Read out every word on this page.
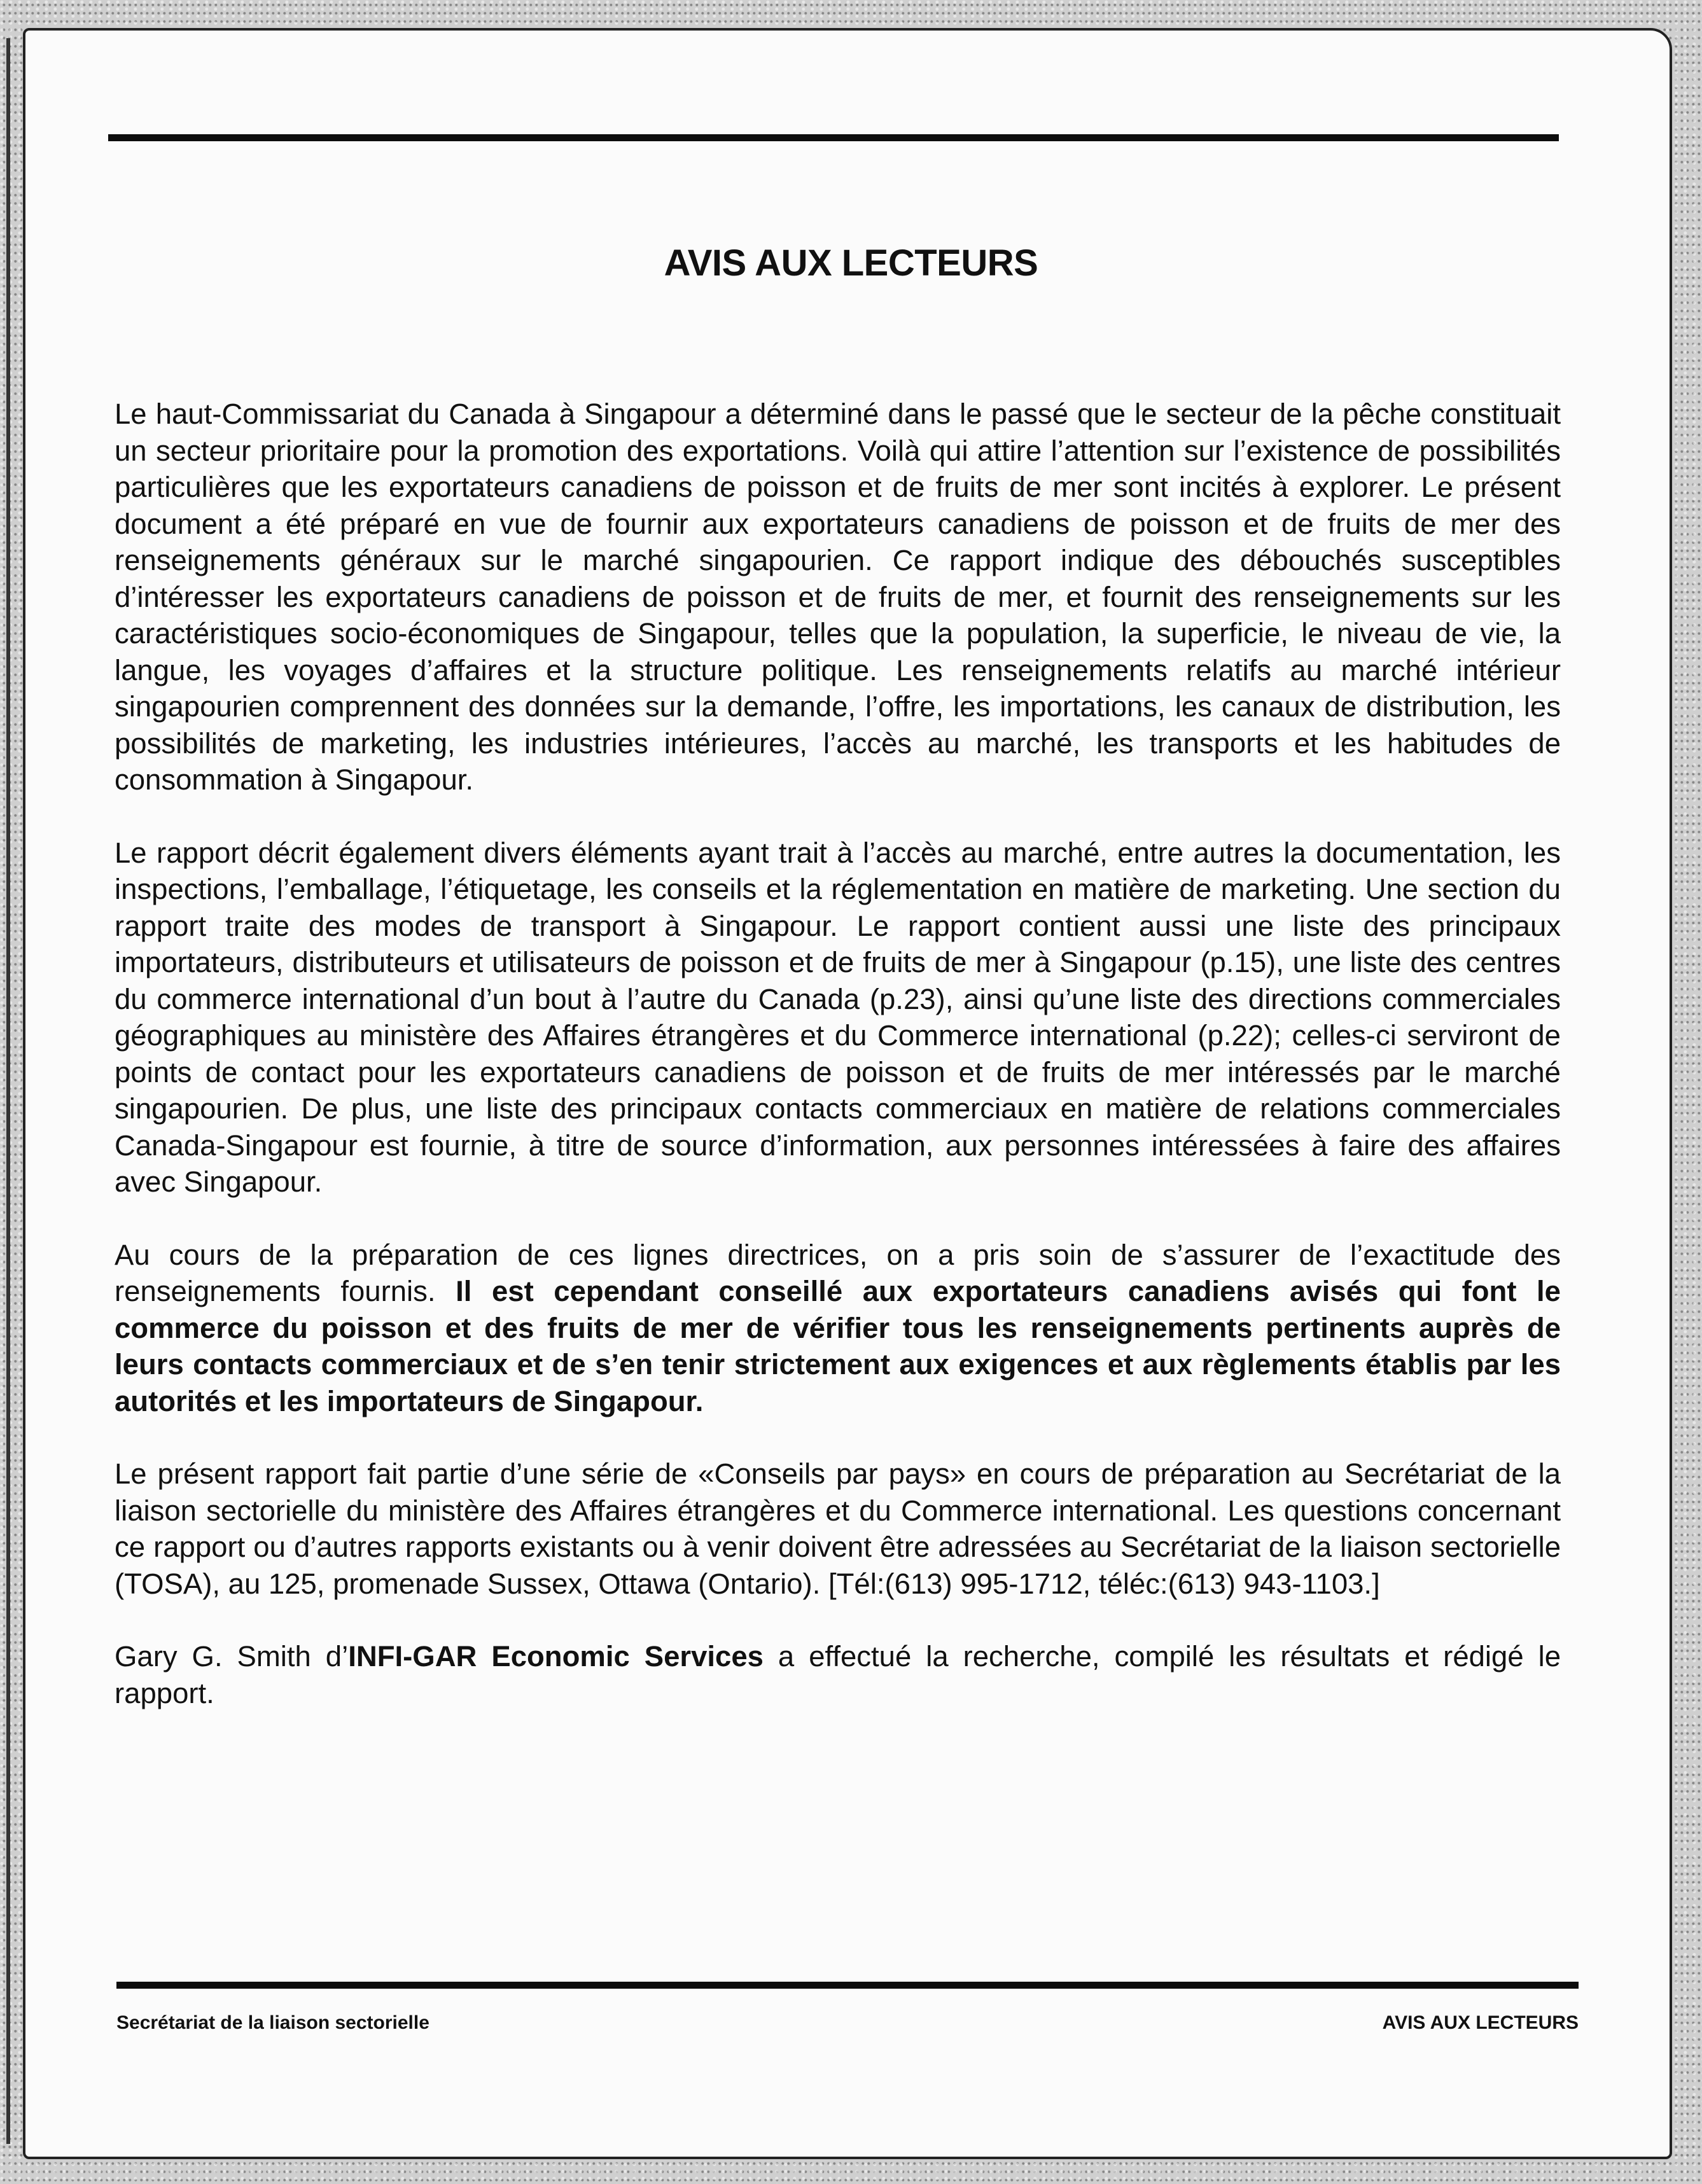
AVIS AUX LECTEURS

Le haut-Commissariat du Canada à Singapour a déterminé dans le passé que le secteur de la pêche constituait un secteur prioritaire pour la promotion des exportations. Voilà qui attire l’attention sur l’existence de possibilités particulières que les exportateurs canadiens de poisson et de fruits de mer sont incités à explorer. Le présent document a été préparé en vue de fournir aux exportateurs canadiens de poisson et de fruits de mer des renseignements généraux sur le marché singapourien. Ce rapport indique des débouchés susceptibles d’intéresser les exportateurs canadiens de poisson et de fruits de mer, et fournit des renseignements sur les caractéristiques socio-économiques de Singapour, telles que la population, la superficie, le niveau de vie, la langue, les voyages d’affaires et la structure politique. Les renseignements relatifs au marché intérieur singapourien comprennent des données sur la demande, l’offre, les importations, les canaux de distribution, les possibilités de marketing, les industries intérieures, l’accès au marché, les transports et les habitudes de consommation à Singapour.

Le rapport décrit également divers éléments ayant trait à l’accès au marché, entre autres la documentation, les inspections, l’emballage, l’étiquetage, les conseils et la réglementation en matière de marketing. Une section du rapport traite des modes de transport à Singapour. Le rapport contient aussi une liste des principaux importateurs, distributeurs et utilisateurs de poisson et de fruits de mer à Singapour (p.15), une liste des centres du commerce international d’un bout à l’autre du Canada (p.23), ainsi qu’une liste des directions commerciales géographiques au ministère des Affaires étrangères et du Commerce international (p.22); celles-ci serviront de points de contact pour les exportateurs canadiens de poisson et de fruits de mer intéressés par le marché singapourien. De plus, une liste des principaux contacts commerciaux en matière de relations commerciales Canada-Singapour est fournie, à titre de source d’information, aux personnes intéressées à faire des affaires avec Singapour.

Au cours de la préparation de ces lignes directrices, on a pris soin de s’assurer de l’exactitude des renseignements fournis. Il est cependant conseillé aux exportateurs canadiens avisés qui font le commerce du poisson et des fruits de mer de vérifier tous les renseignements pertinents auprès de leurs contacts commerciaux et de s’en tenir strictement aux exigences et aux règlements établis par les autorités et les importateurs de Singapour.

Le présent rapport fait partie d’une série de «Conseils par pays» en cours de préparation au Secrétariat de la liaison sectorielle du ministère des Affaires étrangères et du Commerce international. Les questions concernant ce rapport ou d’autres rapports existants ou à venir doivent être adressées au Secrétariat de la liaison sectorielle (TOSA), au 125, promenade Sussex, Ottawa (Ontario). [Tél:(613) 995-1712, téléc:(613) 943-1103.]

Gary G. Smith d’INFI-GAR Economic Services a effectué la recherche, compilé les résultats et rédigé le rapport.

Secrétariat de la liaison sectorielle	AVIS AUX LECTEURS
